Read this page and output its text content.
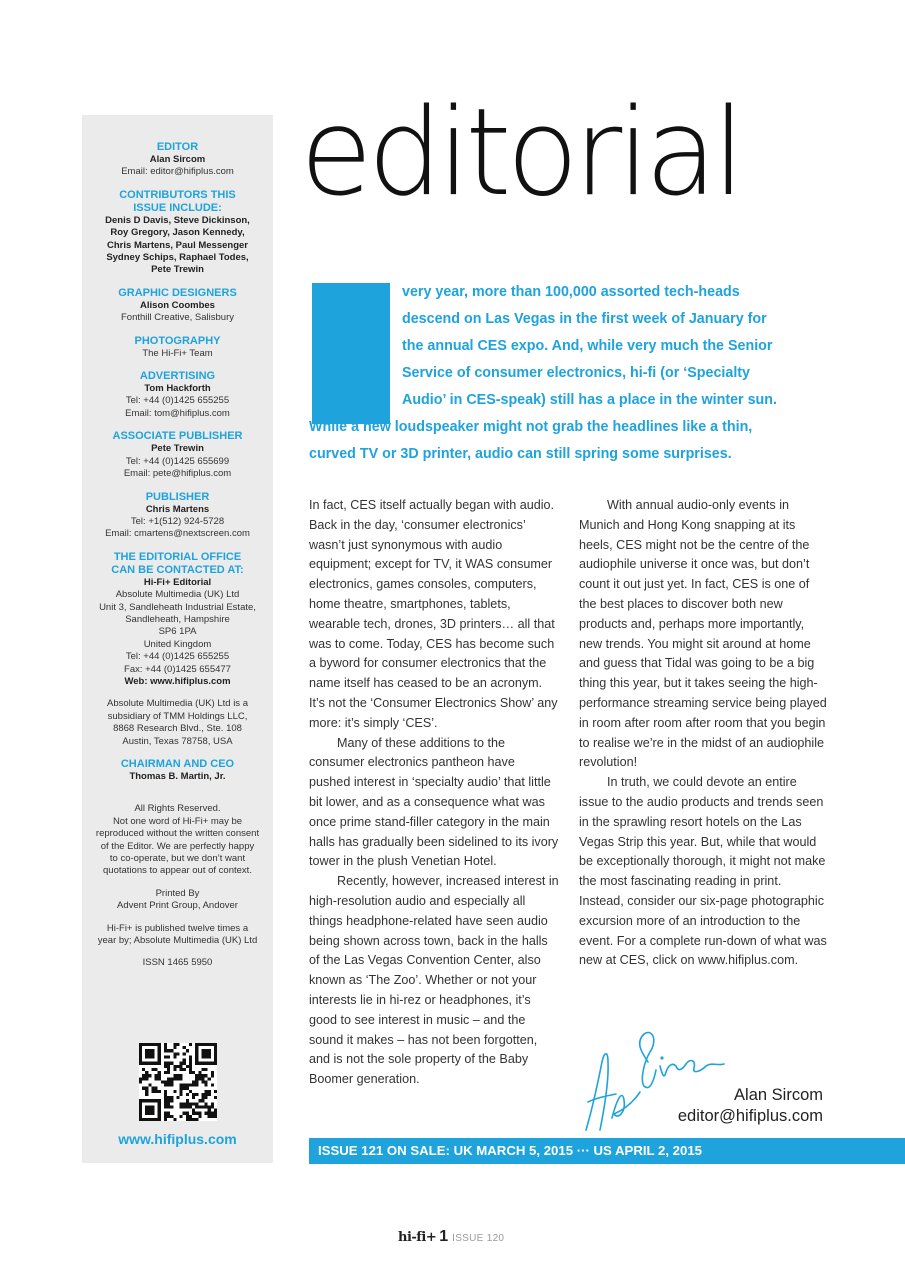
EDITOR
Alan Sircom
Email: editor@hifiplus.com
CONTRIBUTORS THIS
ISSUE INCLUDE:
Denis D Davis, Steve Dickinson,
Roy Gregory, Jason Kennedy,
Chris Martens, Paul Messenger
Sydney Schips, Raphael Todes,
Pete Trewin
GRAPHIC DESIGNERS
Alison Coombes
Fonthill Creative, Salisbury
PHOTOGRAPHY
The Hi-Fi+ Team
ADVERTISING
Tom Hackforth
Tel: +44 (0)1425 655255
Email: tom@hifiplus.com
ASSOCIATE PUBLISHER
Pete Trewin
Tel: +44 (0)1425 655699
Email: pete@hifiplus.com
PUBLISHER
Chris Martens
Tel: +1(512) 924-5728
Email: cmartens@nextscreen.com
THE EDITORIAL OFFICE
CAN BE CONTACTED AT:
Hi-Fi+ Editorial
Absolute Multimedia (UK) Ltd
Unit 3, Sandleheath Industrial Estate,
Sandleheath, Hampshire
SP6 1PA
United Kingdom
Tel: +44 (0)1425 655255
Fax: +44 (0)1425 655477
Web: www.hifiplus.com
Absolute Multimedia (UK) Ltd is a
subsidiary of TMM Holdings LLC,
8868 Research Blvd., Ste. 108
Austin, Texas 78758, USA
CHAIRMAN AND CEO
Thomas B. Martin, Jr.
All Rights Reserved.
Not one word of Hi-Fi+ may be
reproduced without the written consent
of the Editor. We are perfectly happy
to co-operate, but we don’t want
quotations to appear out of context.
Printed By
Advent Print Group, Andover
Hi-Fi+ is published twelve times a
year by; Absolute Multimedia (UK) Ltd
ISSN 1465 5950
www.hifiplus.com
editorial
very year, more than 100,000 assorted tech-heads
descend on Las Vegas in the first week of January for
the annual CES expo. And, while very much the Senior
Service of consumer electronics, hi-fi (or ‘Specialty
Audio’ in CES-speak) still has a place in the winter sun.
While a new loudspeaker might not grab the headlines like a thin,
curved TV or 3D printer, audio can still spring some surprises.

In fact, CES itself actually began with audio. Back in the day, ‘consumer electronics’ wasn’t just synonymous with audio equipment; except for TV, it WAS consumer electronics, games consoles, computers, home theatre, smartphones, tablets, wearable tech, drones, 3D printers… all that was to come. Today, CES has become such a byword for consumer electronics that the name itself has ceased to be an acronym. It’s not the ‘Consumer Electronics Show’ any more: it’s simply ‘CES’.

Many of these additions to the consumer electronics pantheon have pushed interest in ‘specialty audio’ that little bit lower, and as a consequence what was once prime stand-filler category in the main halls has gradually been sidelined to its ivory tower in the plush Venetian Hotel.

Recently, however, increased interest in high-resolution audio and especially all things headphone-related have seen audio being shown across town, back in the halls of the Las Vegas Convention Center, also known as ‘The Zoo’. Whether or not your interests lie in hi-rez or headphones, it’s good to see interest in music – and the sound it makes – has not been forgotten, and is not the sole property of the Baby Boomer generation.

With annual audio-only events in Munich and Hong Kong snapping at its heels, CES might not be the centre of the audiophile universe it once was, but don’t count it out just yet. In fact, CES is one of the best places to discover both new products and, perhaps more importantly, new trends. You might sit around at home and guess that Tidal was going to be a big thing this year, but it takes seeing the high-performance streaming service being played in room after room after room that you begin to realise we’re in the midst of an audiophile revolution!

In truth, we could devote an entire issue to the audio products and trends seen in the sprawling resort hotels on the Las Vegas Strip this year. But, while that would be exceptionally thorough, it might not make the most fascinating reading in print. Instead, consider our six-page photographic excursion more of an introduction to the event. For a complete run-down of what was new at CES, click on www.hifiplus.com.

Alan Sircom
editor@hifiplus.com
ISSUE 121 ON SALE: UK MARCH 5, 2015 ··· US APRIL 2, 2015
hi-fi+ 1 ISSUE 120
